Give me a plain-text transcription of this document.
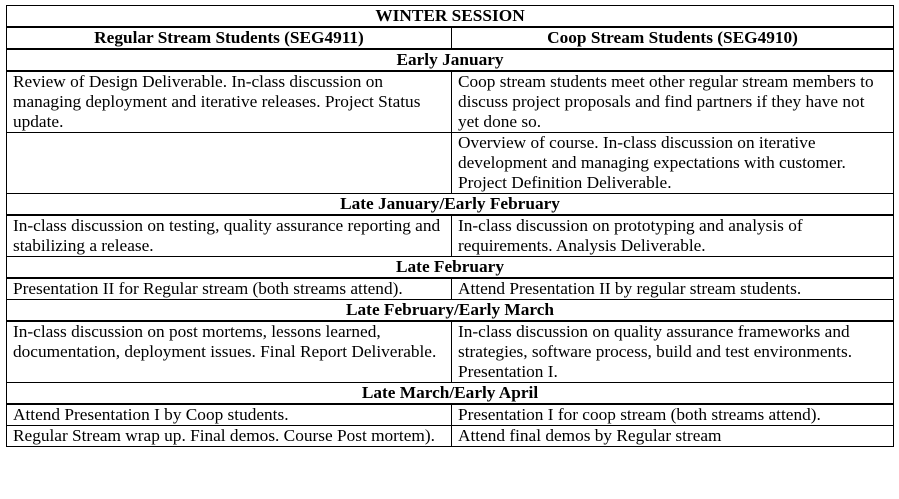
WINTER SESSION	
Regular Stream Students (SEG4911)	Coop Stream Students (SEG4910)
Early January	
Review of Design Deliverable. In-class discussion on managing deployment and iterative releases. Project Status update.	Coop stream students meet other regular stream members to discuss project proposals and find partners if they have not yet done so.
	Overview of course. In-class discussion on iterative development and managing expectations with customer. Project Definition Deliverable.
Late January/Early February	
In-class discussion on testing, quality assurance reporting and stabilizing a release.	In-class discussion on prototyping and analysis of requirements. Analysis Deliverable.
Late February	
Presentation II for Regular stream (both streams attend).	Attend Presentation II by regular stream students.
Late February/Early March	
In-class discussion on post mortems, lessons learned, documentation, deployment issues. Final Report Deliverable.	In-class discussion on quality assurance frameworks and strategies, software process, build and test environments. Presentation I.
Late March/Early April	
Attend Presentation I by Coop students.	Presentation I for coop stream (both streams attend).
Regular Stream wrap up. Final demos. Course Post mortem).	Attend final demos by Regular stream
